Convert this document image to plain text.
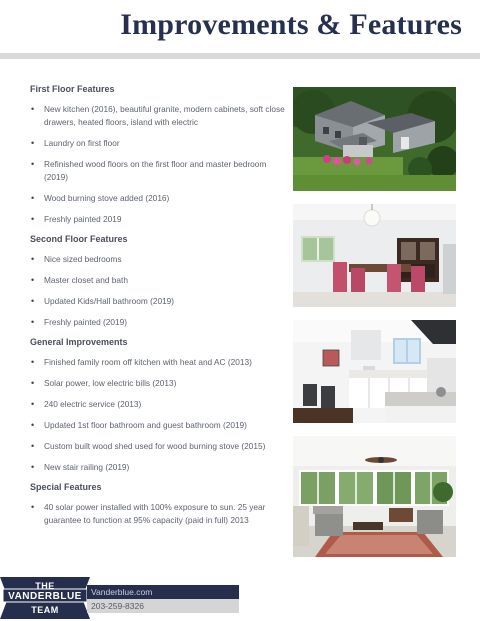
Improvements & Features
First Floor Features
• New kitchen (2016), beautiful granite, modern cabinets, soft close drawers, heated floors, island with electric
• Laundry on first floor
• Refinished wood floors on the first floor and master bedroom (2019)
• Wood burning stove added (2016)
• Freshly painted 2019
Second Floor Features
• Nice sized bedrooms
• Master closet and bath
• Updated Kids/Hall bathroom (2019)
• Freshly painted (2019)
General Improvements
• Finished family room off kitchen with heat and AC (2013)
• Solar power, low electric bills (2013)
• 240 electric service (2013)
• Updated 1st floor bathroom and guest bathroom (2019)
• Custom built wood shed used for wood burning stove (2015)
• New stair railing (2019)
Special Features
• 40 solar power installed with 100% exposure to sun. 25 year guarantee to function at 95% capacity (paid in full) 2013
THE
VANDERBLUE
TEAM
Vanderblue.com
203-259-8326
